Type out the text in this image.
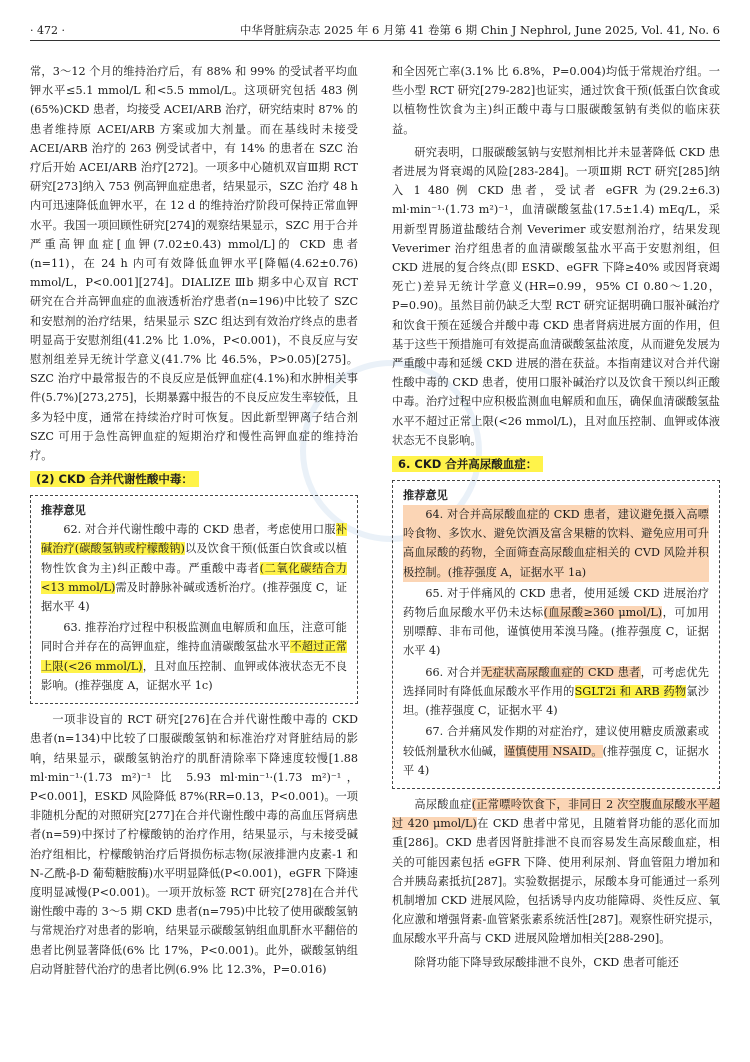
· 472 ·	中华肾脏病杂志 2025 年 6 月第 41 卷第 6 期 Chin J Nephrol, June 2025, Vol. 41, No. 6

常，3～12 个月的维持治疗后，有 88% 和 99% 的受试者平均血钾水平≤5.1 mmol/L 和<5.5 mmol/L。这项研究包括 483 例(65%)CKD 患者，均接受 ACEI/ARB 治疗，研究结束时 87% 的患者维持原 ACEI/ARB 方案或加大剂量。而在基线时未接受 ACEI/ARB 治疗的 263 例受试者中，有 14% 的患者在 SZC 治疗后开始 ACEI/ARB 治疗[272]。一项多中心随机双盲Ⅲ期 RCT 研究[273]纳入 753 例高钾血症患者，结果显示，SZC 治疗 48 h 内可迅速降低血钾水平，在 12 d 的维持治疗阶段可保持正常血钾水平。我国一项回顾性研究[274]的观察结果显示，SZC 用于合并严重高钾血症[血钾(7.02±0.43) mmol/L]的 CKD 患者(n=11)，在 24 h 内可有效降低血钾水平[降幅(4.62±0.76) mmol/L，P<0.001][274]。DIALIZE Ⅲb 期多中心双盲 RCT 研究在合并高钾血症的血液透析治疗患者(n=196)中比较了 SZC 和安慰剂的治疗结果，结果显示 SZC 组达到有效治疗终点的患者明显高于安慰剂组(41.2% 比 1.0%，P<0.001)，不良反应与安慰剂组差异无统计学意义(41.7% 比 46.5%，P>0.05)[275]。SZC 治疗中最常报告的不良反应是低钾血症(4.1%)和水肿相关事件(5.7%)[273,275]，长期暴露中报告的不良反应发生率较低，且多为轻中度，通常在持续治疗时可恢复。因此新型钾离子结合剂 SZC 可用于急性高钾血症的短期治疗和慢性高钾血症的维持治疗。

(2) CKD 合并代谢性酸中毒：
推荐意见

62. 对合并代谢性酸中毒的 CKD 患者，考虑使用口服补碱治疗(碳酸氢钠或柠檬酸钠)以及饮食干预(低蛋白饮食或以植物性饮食为主)纠正酸中毒。严重酸中毒者(二氧化碳结合力<13 mmol/L)需及时静脉补碱或透析治疗。(推荐强度 C，证据水平 4)

63. 推荐治疗过程中积极监测血电解质和血压，注意可能同时合并存在的高钾血症，维持血清碳酸氢盐水平不超过正常上限(<26 mmol/L)，且对血压控制、血钾或体液状态无不良影响。(推荐强度 A，证据水平 1c)

一项非设盲的 RCT 研究[276]在合并代谢性酸中毒的 CKD 患者(n=134)中比较了口服碳酸氢钠和标准治疗对肾脏结局的影响，结果显示，碳酸氢钠治疗的肌酐清除率下降速度较慢[1.88 ml·min⁻¹·(1.73 m²)⁻¹ 比 5.93 ml·min⁻¹·(1.73 m²)⁻¹，P<0.001]，ESKD 风险降低 87%(RR=0.13，P<0.001)。一项非随机分配的对照研究[277]在合并代谢性酸中毒的高血压肾病患者(n=59)中探讨了柠檬酸钠的治疗作用，结果显示，与未接受碱治疗组相比，柠檬酸钠治疗后肾损伤标志物(尿液排泄内皮素-1 和 N-乙酰-β-D 葡萄糖胺酶)水平明显降低(P<0.001)，eGFR 下降速度明显减慢(P<0.001)。一项开放标签 RCT 研究[278]在合并代谢性酸中毒的 3～5 期 CKD 患者(n=795)中比较了使用碳酸氢钠与常规治疗对患者的影响，结果显示碳酸氢钠组血肌酐水平翻倍的患者比例显著降低(6% 比 17%，P<0.001)。此外，碳酸氢钠组启动肾脏替代治疗的患者比例(6.9% 比 12.3%，P=0.016)

和全因死亡率(3.1% 比 6.8%，P=0.004)均低于常规治疗组。一些小型 RCT 研究[279-282]也证实，通过饮食干预(低蛋白饮食或以植物性饮食为主)纠正酸中毒与口服碳酸氢钠有类似的临床获益。

研究表明，口服碳酸氢钠与安慰剂相比并未显著降低 CKD 患者进展为肾衰竭的风险[283-284]。一项Ⅲ期 RCT 研究[285]纳入 1 480 例 CKD 患者，受试者 eGFR 为(29.2±6.3) ml·min⁻¹·(1.73 m²)⁻¹，血清碳酸氢盐(17.5±1.4) mEq/L，采用新型胃肠道盐酸结合剂 Veverimer 或安慰剂治疗，结果发现 Veverimer 治疗组患者的血清碳酸氢盐水平高于安慰剂组，但 CKD 进展的复合终点(即 ESKD、eGFR 下降≥40% 或因肾衰竭死亡)差异无统计学意义(HR=0.99，95% CI 0.80～1.20，P=0.90)。虽然目前仍缺乏大型 RCT 研究证据明确口服补碱治疗和饮食干预在延缓合并酸中毒 CKD 患者肾病进展方面的作用，但基于这些干预措施可有效提高血清碳酸氢盐浓度，从而避免发展为严重酸中毒和延缓 CKD 进展的潜在获益。本指南建议对合并代谢性酸中毒的 CKD 患者，使用口服补碱治疗以及饮食干预以纠正酸中毒。治疗过程中应积极监测血电解质和血压，确保血清碳酸氢盐水平不超过正常上限(<26 mmol/L)，且对血压控制、血钾或体液状态无不良影响。

6. CKD 合并高尿酸血症：
推荐意见

64. 对合并高尿酸血症的 CKD 患者，建议避免摄入高嘌呤食物、多饮水、避免饮酒及富含果糖的饮料、避免应用可升高血尿酸的药物，全面筛查高尿酸血症相关的 CVD 风险并积极控制。(推荐强度 A，证据水平 1a)

65. 对于伴痛风的 CKD 患者，使用延缓 CKD 进展治疗药物后血尿酸水平仍未达标(血尿酸≥360 μmol/L)，可加用别嘌醇、非布司他，谨慎使用苯溴马隆。(推荐强度 C，证据水平 4)

66. 对合并无症状高尿酸血症的 CKD 患者，可考虑优先选择同时有降低血尿酸水平作用的SGLT2i 和 ARB 药物氯沙坦。(推荐强度 C，证据水平 4)

67. 合并痛风发作期的对症治疗，建议使用糖皮质激素或较低剂量秋水仙碱，谨慎使用 NSAID。(推荐强度 C，证据水平 4)

高尿酸血症(正常嘌呤饮食下，非同日 2 次空腹血尿酸水平超过 420 μmol/L)在 CKD 患者中常见，且随着肾功能的恶化而加重[286]。CKD 患者因肾脏排泄不良而容易发生高尿酸血症，相关的可能因素包括 eGFR 下降、使用利尿剂、肾血管阻力增加和合并胰岛素抵抗[287]。实验数据提示，尿酸本身可能通过一系列机制增加 CKD 进展风险，包括诱导内皮功能障碍、炎性反应、氧化应激和增强肾素-血管紧张素系统活性[287]。观察性研究提示，血尿酸水平升高与 CKD 进展风险增加相关[288-290]。

除肾功能下降导致尿酸排泄不良外，CKD 患者可能还
